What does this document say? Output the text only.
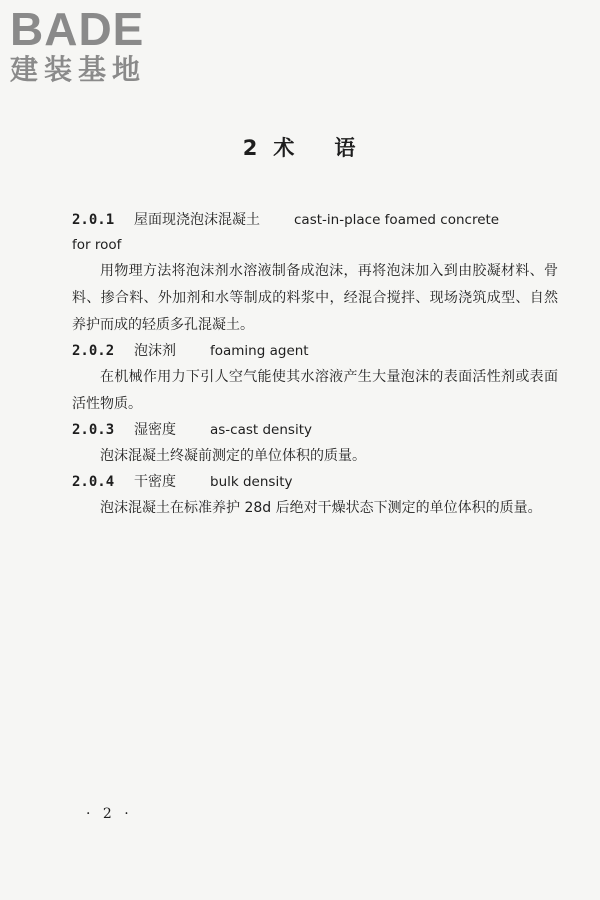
BADE
建装基地
2 术 语
2.0.1 屋面现浇泡沫混凝土	cast-in-place foamed concrete
for roof

用物理方法将泡沫剂水溶液制备成泡沫，再将泡沫加入到由胶凝材料、骨料、掺合料、外加剂和水等制成的料浆中，经混合搅拌、现场浇筑成型、自然养护而成的轻质多孔混凝土。

2.0.2 泡沫剂	foaming agent

在机械作用力下引人空气能使其水溶液产生大量泡沫的表面活性剂或表面活性物质。

2.0.3 湿密度	as-cast density

泡沫混凝土终凝前测定的单位体积的质量。

2.0.4 干密度	bulk density

泡沫混凝土在标准养护 28d 后绝对干燥状态下测定的单位体积的质量。

· 2 ·
